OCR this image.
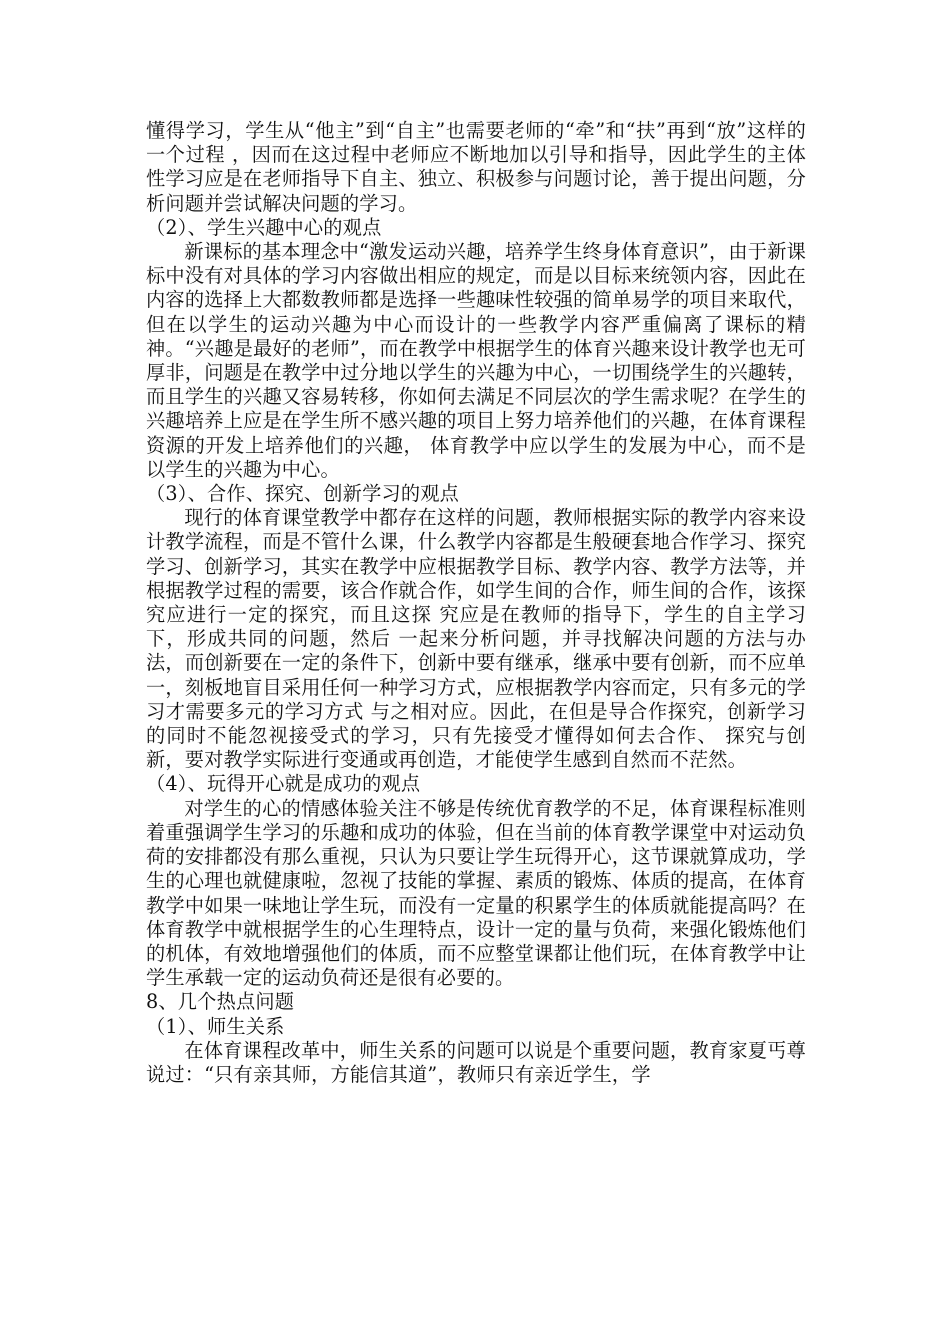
懂得学习，学生从“他主”到“自主”也需要老师的“牵”和“扶”再到“放”这样的一个过程 ，因而在这过程中老师应不断地加以引导和指导，因此学生的主体性学习应是在老师指导下自主、独立、积极参与问题讨论，善于提出问题，分析问题并尝试解决问题的学习。

（2）、学生兴趣中心的观点

新课标的基本理念中“激发运动兴趣，培养学生终身体育意识”，由于新课标中没有对具体的学习内容做出相应的规定，而是以目标来统领内容，因此在内容的选择上大都数教师都是选择一些趣味性较强的简单易学的项目来取代，但在以学生的运动兴趣为中心而设计的一些教学内容严重偏离了课标的精神。“兴趣是最好的老师”，而在教学中根据学生的体育兴趣来设计教学也无可厚非，问题是在教学中过分地以学生的兴趣为中心，一切围绕学生的兴趣转，而且学生的兴趣又容易转移，你如何去满足不同层次的学生需求呢？在学生的兴趣培养上应是在学生所不感兴趣的项目上努力培养他们的兴趣，在体育课程资源的开发上培养他们的兴趣， 体育教学中应以学生的发展为中心，而不是以学生的兴趣为中心。

（3）、合作、探究、创新学习的观点

现行的体育课堂教学中都存在这样的问题，教师根据实际的教学内容来设计教学流程，而是不管什么课，什么教学内容都是生般硬套地合作学习、探究学习、创新学习，其实在教学中应根据教学目标、教学内容、教学方法等，并根据教学过程的需要，该合作就合作，如学生间的合作，师生间的合作，该探究应进行一定的探究，而且这探 究应是在教师的指导下，学生的自主学习下，形成共同的问题，然后 一起来分析问题，并寻找解决问题的方法与办法，而创新要在一定的条件下，创新中要有继承，继承中要有创新，而不应单一，刻板地盲目采用任何一种学习方式，应根据教学内容而定，只有多元的学习才需要多元的学习方式 与之相对应。因此，在但是导合作探究，创新学习的同时不能忽视接受式的学习，只有先接受才懂得如何去合作、 探究与创新，要对教学实际进行变通或再创造，才能使学生感到自然而不茫然。

（4）、玩得开心就是成功的观点

对学生的心的情感体验关注不够是传统优育教学的不足，体育课程标准则着重强调学生学习的乐趣和成功的体验，但在当前的体育教学课堂中对运动负荷的安排都没有那么重视，只认为只要让学生玩得开心，这节课就算成功，学生的心理也就健康啦，忽视了技能的掌握、素质的锻炼、体质的提高，在体育教学中如果一味地让学生玩，而没有一定量的积累学生的体质就能提高吗？在体育教学中就根据学生的心生理特点，设计一定的量与负荷，来强化锻炼他们的机体，有效地增强他们的体质，而不应整堂课都让他们玩，在体育教学中让学生承载一定的运动负荷还是很有必要的。

8、几个热点问题

（1）、师生关系

在体育课程改革中，师生关系的问题可以说是个重要问题，教育家夏丐尊说过：“只有亲其师，方能信其道”，教师只有亲近学生，学
